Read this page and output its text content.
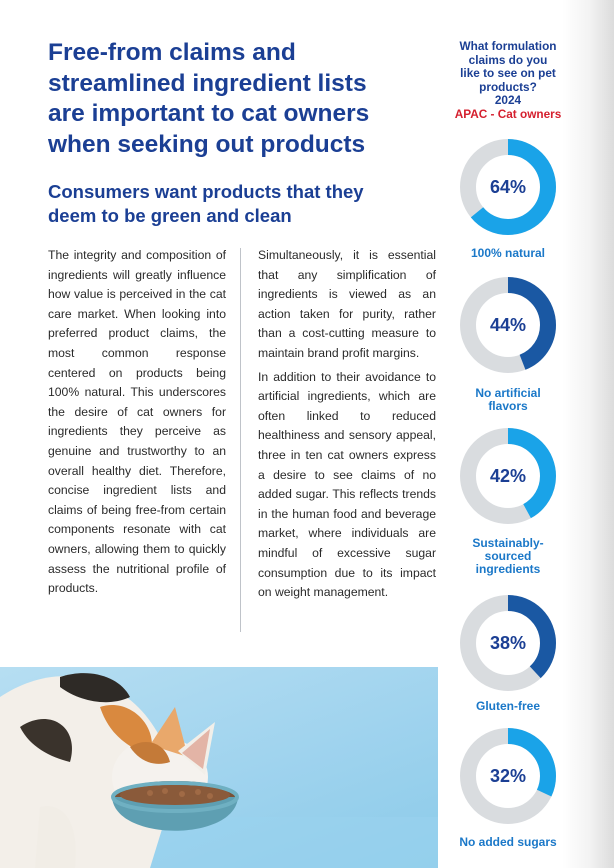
Free-from claims and streamlined ingredient lists are important to cat owners when seeking out products
Consumers want products that they deem to be green and clean

The integrity and composition of ingredients will greatly influence how value is perceived in the cat care market. When looking into preferred product claims, the most common response centered on products being 100% natural. This underscores the desire of cat owners for ingredients they perceive as genuine and trustworthy to an overall healthy diet. Therefore, concise ingredient lists and claims of being free-from certain components resonate with cat owners, allowing them to quickly assess the nutritional profile of products.

Simultaneously, it is essential that any simplification of ingredients is viewed as an action taken for purity, rather than a cost-cutting measure to maintain brand profit margins.

In addition to their avoidance to artificial ingredients, which are often linked to reduced healthiness and sensory appeal, three in ten cat owners express a desire to see claims of no added sugar. This reflects trends in the human food and beverage market, where individuals are mindful of excessive sugar consumption due to its impact on weight management.

What formulation
claims do you
like to see on pet
products?
2024
APAC - Cat owners
64%
100% natural
44%
No artificial
flavors
42%
Sustainably-
sourced
ingredients
38%
Gluten-free
32%
No added sugars
